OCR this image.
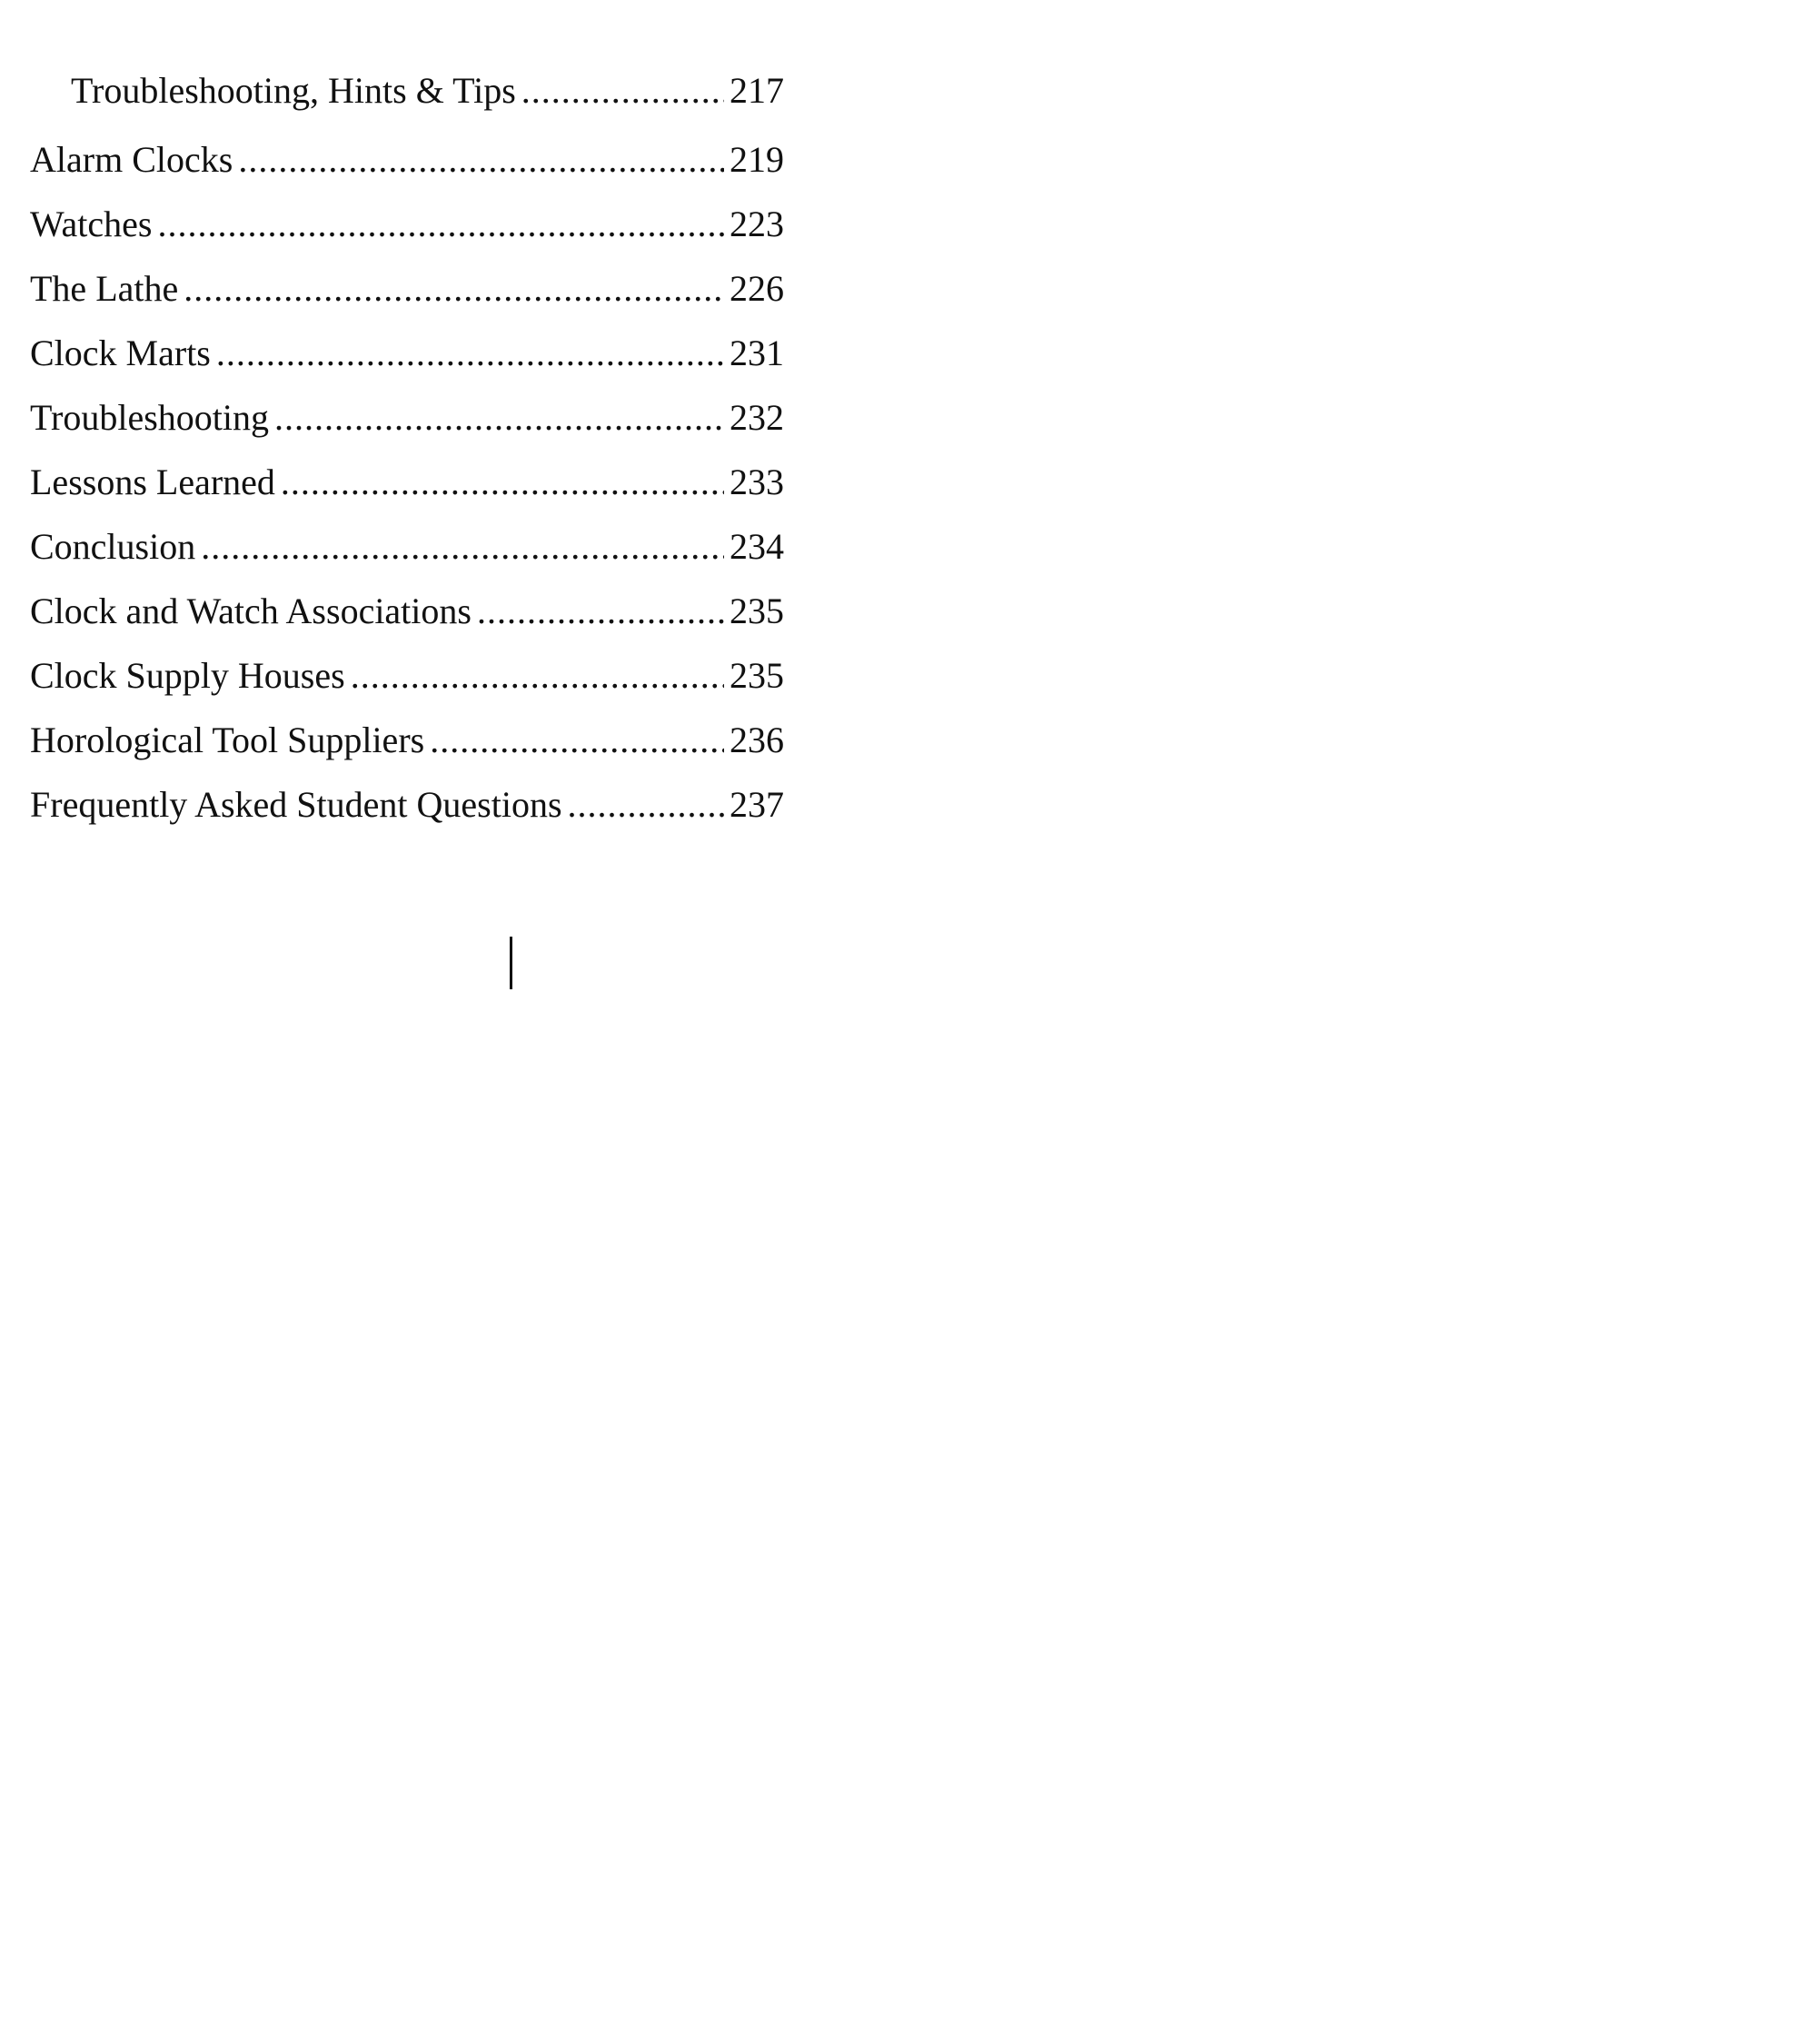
Troubleshooting, Hints & Tips .....	217
Alarm Clocks .....	219
Watches .....	223
The Lathe .....	226
Clock Marts .....	231
Troubleshooting .....	232
Lessons Learned .....	233
Conclusion .....	234
Clock and Watch Associations .....	235
Clock Supply Houses .....	235
Horological Tool Suppliers .....	236
Frequently Asked Student Questions .....	237
